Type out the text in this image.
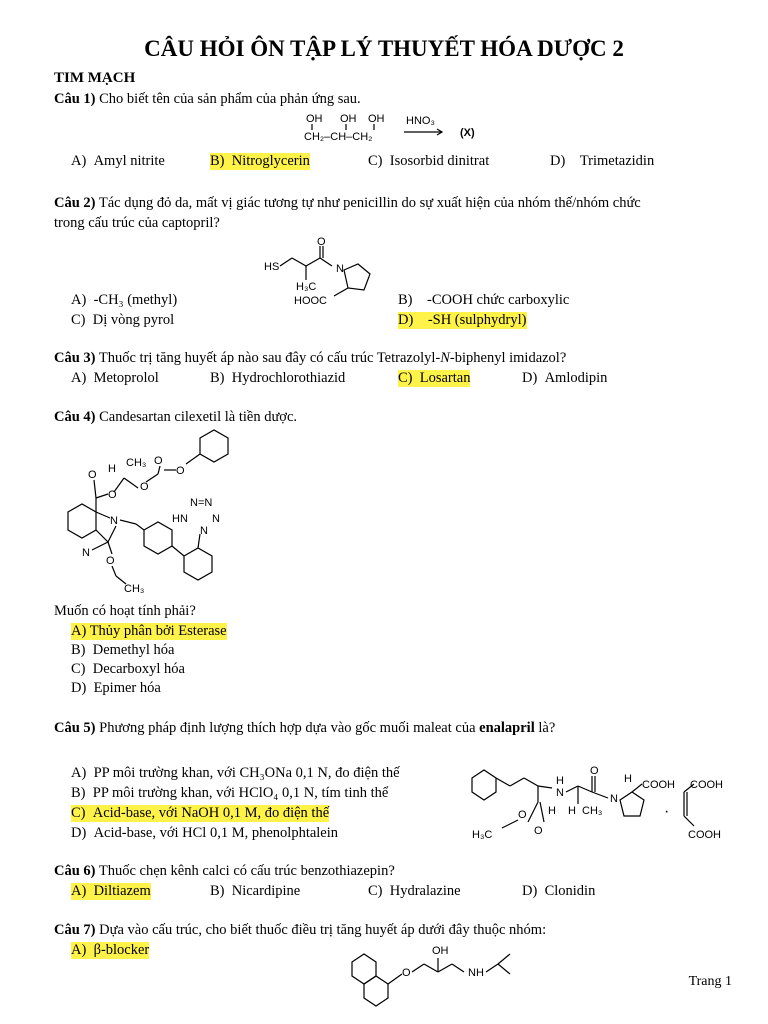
CÂU HỎI ÔN TẬP LÝ THUYẾT HÓA DƯỢC 2
TIM MẠCH
Câu 1) Cho biết tên của sản phẩm của phản ứng sau.
OH OH OH
CH₂–CH–CH₂
HNO₃
(X)
A) Amyl nitrite	B) Nitroglycerin	C) Isosorbid dinitrat	D) Trimetazidin
Câu 2) Tác dụng đỏ da, mất vị giác tương tự như penicillin do sự xuất hiện của nhóm thế/nhóm chức
trong cấu trúc của captopril?
HS
O
N
H₃C
HOOC
A) -CH₃ (methyl)	B) -COOH chức carboxylic
C) Dị vòng pyrol	D) -SH (sulphydryl)
Câu 3) Thuốc trị tăng huyết áp nào sau đây có cấu trúc Tetrazolyl-N-biphenyl imidazol?
A) Metoprolol	B) Hydrochlorothiazid	C) Losartan	D) Amlodipin
Câu 4) Candesartan cilexetil là tiền dược.
O
O
O
CH₃
H
O
O
N
N
O
CH₃
N=N
HN N
N
Muốn có hoạt tính phải?
A) Thủy phân bởi Esterase
B) Demethyl hóa
C) Decarboxyl hóa
D) Epimer hóa
Câu 5) Phương pháp định lượng thích hợp dựa vào gốc muối maleat của enalapril là?
A) PP môi trường khan, với CH₃ONa 0,1 N, đo điện thế
B) PP môi trường khan, với HClO₄ 0,1 N, tím tinh thể
C) Acid-base, với NaOH 0,1 M, đo điện thế
D) Acid-base, với HCl 0,1 M, phenolphtalein
H
N
O
N
H CH₃
H
H COOH
O
O
H₃C
·
COOH
COOH
Câu 6) Thuốc chẹn kênh calci có cấu trúc benzothiazepin?
A) Diltiazem	B) Nicardipine	C) Hydralazine	D) Clonidin
Câu 7) Dựa vào cấu trúc, cho biết thuốc điều trị tăng huyết áp dưới đây thuộc nhóm:
A) β-blocker
O
OH
NH
Trang 1
